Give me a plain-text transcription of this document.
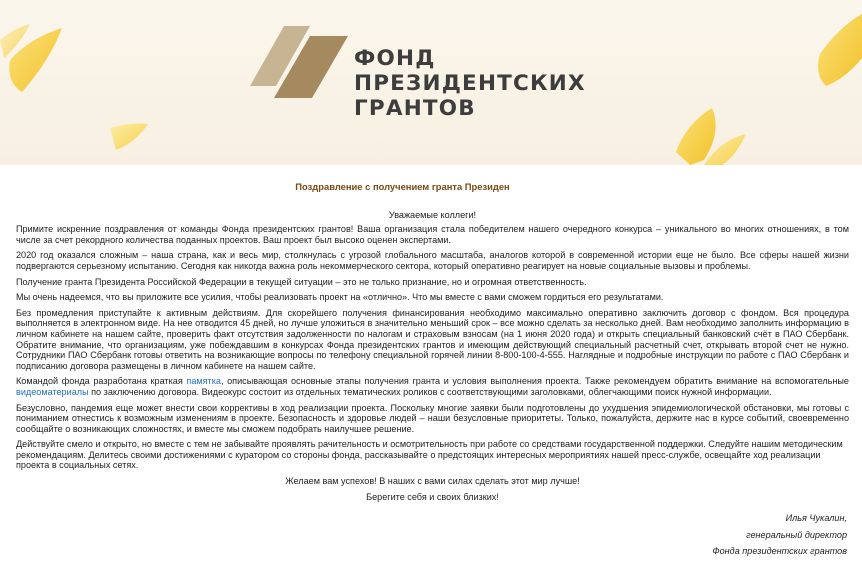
ФОНД
ПРЕЗИДЕНТСКИХ
ГРАНТОВ
Поздравление с получением гранта Президен
Уважаемые коллеги!
Примите искренние поздравления от команды Фонда президентских грантов! Ваша организация стала победителем нашего очередного конкурса – уникального во многих отношениях, в том числе за счет рекордного количества поданных проектов. Ваш проект был высоко оценен экспертами.
2020 год оказался сложным – наша страна, как и весь мир, столкнулась с угрозой глобального масштаба, аналогов которой в современной истории еще не было. Все сферы нашей жизни подвергаются серьезному испытанию. Сегодня как никогда важна роль некоммерческого сектора, который оперативно реагирует на новые социальные вызовы и проблемы.
Получение гранта Президента Российской Федерации в текущей ситуации – это не только признание, но и огромная ответственность.
Мы очень надеемся, что вы приложите все усилия, чтобы реализовать проект на «отлично». Что мы вместе с вами сможем гордиться его результатами.
Без промедления приступайте к активным действиям. Для скорейшего получения финансирования необходимо максимально оперативно заключить договор с фондом. Вся процедура выполняется в электронном виде. На нее отводится 45 дней, но лучше уложиться в значительно меньший срок – все можно сделать за несколько дней. Вам необходимо заполнить информацию в личном кабинете на нашем сайте, проверить факт отсутствия задолженности по налогам и страховым взносам (на 1 июня 2020 года) и открыть специальный банковский счёт в ПАО Сбербанк. Обратите внимание, что организациям, уже побеждавшим в конкурсах Фонда президентских грантов и имеющим действующий специальный расчетный счет, открывать второй счет не нужно. Сотрудники ПАО Сбербанк готовы ответить на возникающие вопросы по телефону специальной горячей линии 8-800-100-4-555. Наглядные и подробные инструкции по работе с ПАО Сбербанк и подписанию договора размещены в личном кабинете на нашем сайте.
Командой фонда разработана краткая памятка, описывающая основные этапы получения гранта и условия выполнения проекта. Также рекомендуем обратить внимание на вспомогательные видеоматериалы по заключению договора. Видеокурс состоит из отдельных тематических роликов с соответствующими заголовками, облегчающими поиск нужной информации.
Безусловно, пандемия еще может внести свои коррективы в ход реализации проекта. Поскольку многие заявки были подготовлены до ухудшения эпидемиологической обстановки, мы готовы с пониманием отнестись к возможным изменениям в проекте. Безопасность и здоровье людей – наши безусловные приоритеты. Только, пожалуйста, держите нас в курсе событий, своевременно сообщайте о возникающих сложностях, и вместе мы сможем подобрать наилучшее решение.
Действуйте смело и открыто, но вместе с тем не забывайте проявлять рачительность и осмотрительность при работе со средствами государственной поддержки. Следуйте нашим методическим рекомендациям. Делитесь своими достижениями с куратором со стороны фонда, рассказывайте о предстоящих интересных мероприятиях нашей пресс-службе, освещайте ход реализации проекта в социальных сетях.
Желаем вам успехов! В наших с вами силах сделать этот мир лучше!
Берегите себя и своих близких!
Илья Чукалин,
генеральный директор
Фонда президентских грантов
